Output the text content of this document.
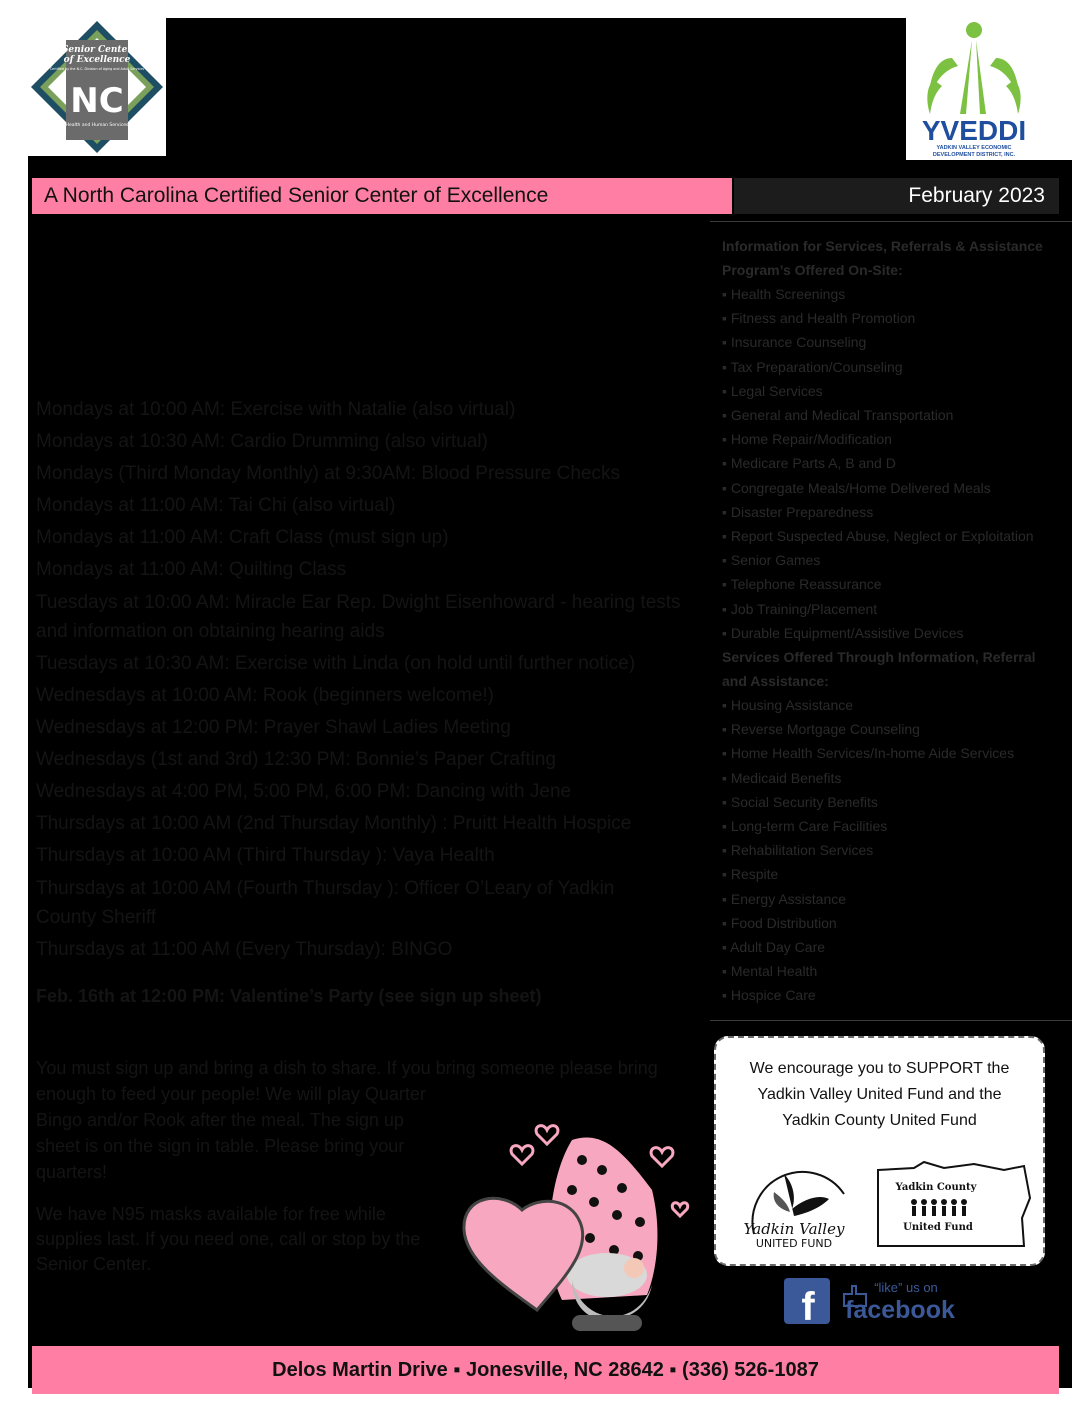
Senior Center
of Excellence
Certified by the N.C. Division of Aging and Adult Services
NC
Health and Human Services	YVEDDI
YADKIN VALLEY ECONOMIC
DEVELOPMENT DISTRICT, INC.
A North Carolina Certified Senior Center of Excellence	February 2023
Mondays at 10:00 AM: Exercise with Natalie (also virtual)
Mondays at 10:30 AM: Cardio Drumming (also virtual)
Mondays (Third Monday Monthly) at 9:30AM: Blood Pressure Checks
Mondays at 11:00 AM: Tai Chi (also virtual)
Mondays at 11:00 AM: Craft Class (must sign up)
Mondays at 11:00 AM: Quilting Class
Tuesdays at 10:00 AM: Miracle Ear Rep. Dwight Eisenhoward - hearing tests and information on obtaining hearing aids
Tuesdays at 10:30 AM: Exercise with Linda (on hold until further notice)
Wednesdays at 10:00 AM: Rook (beginners welcome!)
Wednesdays at 12:00 PM: Prayer Shawl Ladies Meeting
Wednesdays (1st and 3rd) 12:30 PM: Bonnie’s Paper Crafting
Wednesdays at 4:00 PM, 5:00 PM, 6:00 PM: Dancing with Jene
Thursdays at 10:00 AM (2nd Thursday Monthly) : Pruitt Health Hospice
Thursdays at 10:00 AM (Third Thursday ): Vaya Health
Thursdays at 10:00 AM (Fourth Thursday ): Officer O’Leary of Yadkin County Sheriff
Thursdays at 11:00 AM (Every Thursday): BINGO
Feb. 16th at 12:00 PM: Valentine’s Party (see sign up sheet)
You must sign up and bring a dish to share. If you bring someone please bring
enough to feed your people! We will play Quarter Bingo and/or Rook after the meal. The sign up sheet is on the sign in table. Please bring your quarters!
We have N95 masks available for free while supplies last. If you need one, call or stop by the Senior Center.
Information for Services, Referrals & Assistance
Program’s Offered On-Site:
▪ Health Screenings
▪ Fitness and Health Promotion
▪ Insurance Counseling
▪ Tax Preparation/Counseling
▪ Legal Services
▪ General and Medical Transportation
▪ Home Repair/Modification
▪ Medicare Parts A, B and D
▪ Congregate Meals/Home Delivered Meals
▪ Disaster Preparedness
▪ Report Suspected Abuse, Neglect or Exploitation
▪ Senior Games
▪ Telephone Reassurance
▪ Job Training/Placement
▪ Durable Equipment/Assistive Devices
Services Offered Through Information, Referral
and Assistance:
▪ Housing Assistance
▪ Reverse Mortgage Counseling
▪ Home Health Services/In-home Aide Services
▪ Medicaid Benefits
▪ Social Security Benefits
▪ Long-term Care Facilities
▪ Rehabilitation Services
▪ Respite
▪ Energy Assistance
▪ Food Distribution
▪ Adult Day Care
▪ Mental Health
▪ Hospice Care
We encourage you to SUPPORT the
Yadkin Valley United Fund and the
Yadkin County United Fund
Yadkin Valley
UNITED FUND
Yadkin County
United Fund
f	“like” us on
facebook
Delos Martin Drive ▪ Jonesville, NC 28642 ▪ (336) 526-1087
